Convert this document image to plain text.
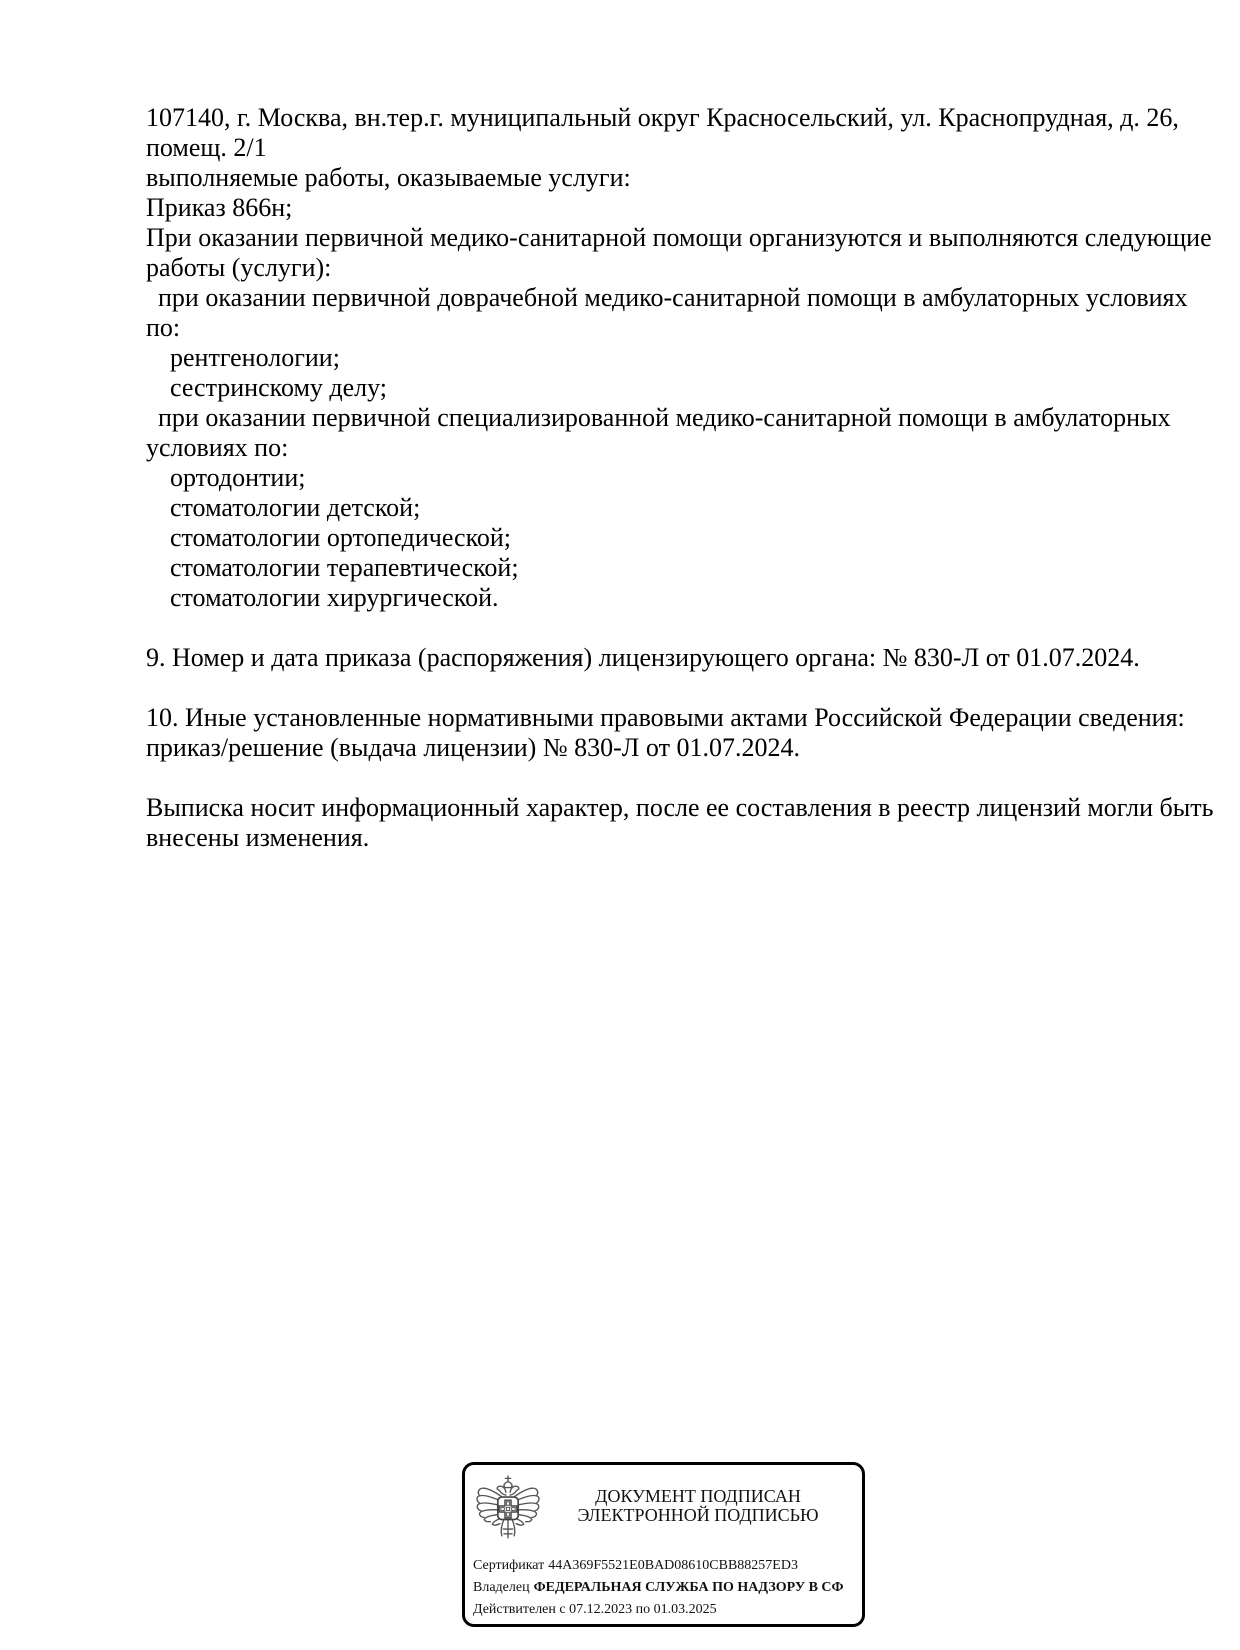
107140, г. Москва, вн.тер.г. муниципальный округ Красносельский, ул. Краснопрудная, д. 26,
помещ. 2/1
выполняемые работы, оказываемые услуги:
Приказ 866н;
При оказании первичной медико-санитарной помощи организуются и выполняются следующие
работы (услуги):
при оказании первичной доврачебной медико-санитарной помощи в амбулаторных условиях
по:
рентгенологии;
сестринскому делу;
при оказании первичной специализированной медико-санитарной помощи в амбулаторных
условиях по:
ортодонтии;
стоматологии детской;
стоматологии ортопедической;
стоматологии терапевтической;
стоматологии хирургической.
9. Номер и дата приказа (распоряжения) лицензирующего органа: № 830-Л от 01.07.2024.
10. Иные установленные нормативными правовыми актами Российской Федерации сведения:
приказ/решение (выдача лицензии) № 830-Л от 01.07.2024.
Выписка носит информационный характер, после ее составления в реестр лицензий могли быть
внесены изменения.
ДОКУМЕНТ ПОДПИСАН
ЭЛЕКТРОННОЙ ПОДПИСЬЮ
Сертификат 44A369F5521E0BAD08610CBB88257ED3
Владелец ФЕДЕРАЛЬНАЯ СЛУЖБА ПО НАДЗОРУ В СФ
Действителен с 07.12.2023 по 01.03.2025
